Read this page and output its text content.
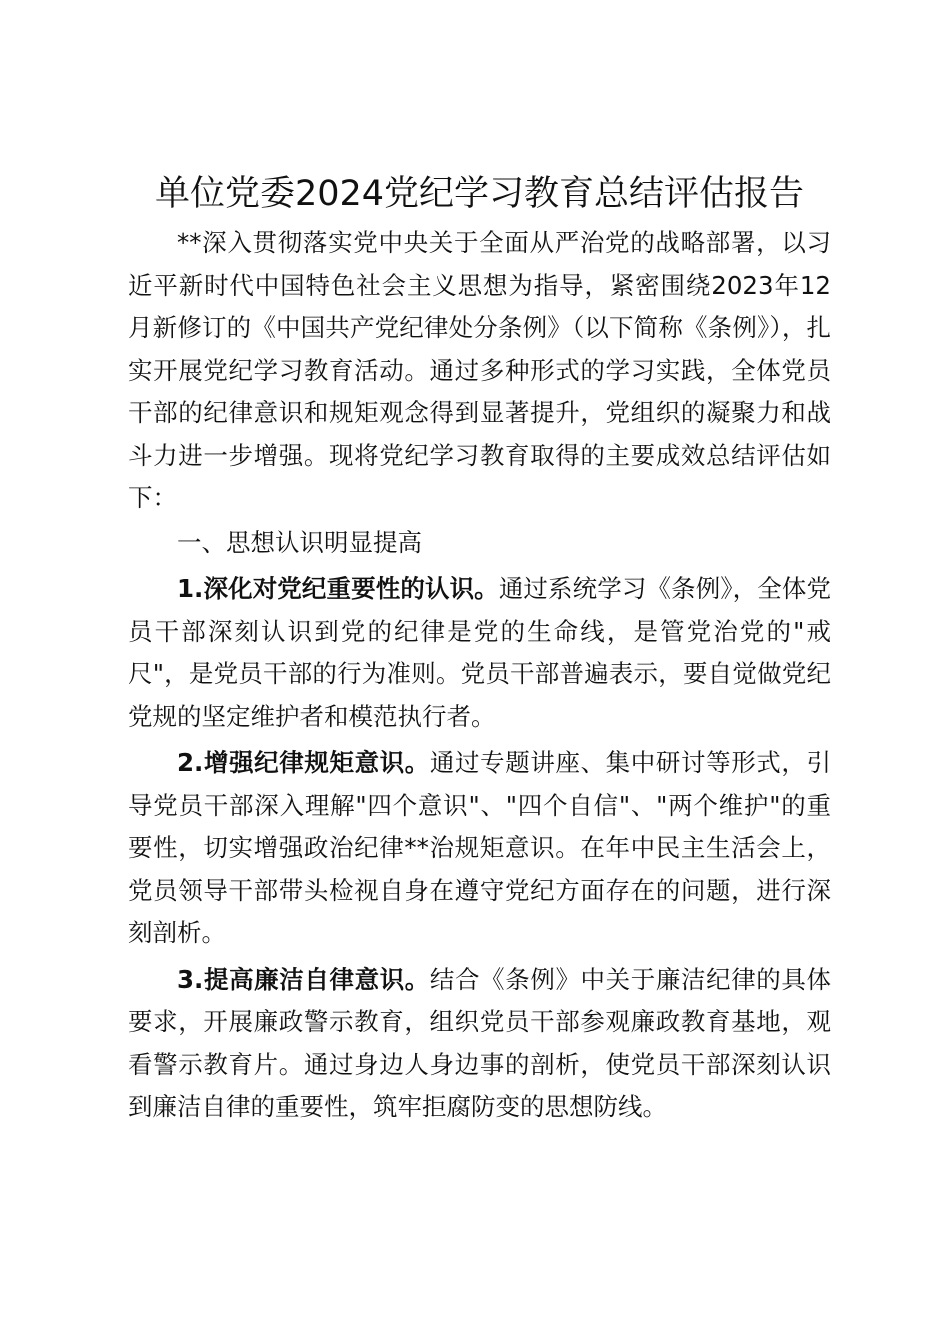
单位党委2024党纪学习教育总结评估报告

**深入贯彻落实党中央关于全面从严治党的战略部署，以习近平新时代中国特色社会主义思想为指导，紧密围绕2023年12月新修订的《中国共产党纪律处分条例》（以下简称《条例》），扎实开展党纪学习教育活动。通过多种形式的学习实践，全体党员干部的纪律意识和规矩观念得到显著提升，党组织的凝聚力和战斗力进一步增强。现将党纪学习教育取得的主要成效总结评估如下：

一、思想认识明显提高

1.深化对党纪重要性的认识。通过系统学习《条例》，全体党员干部深刻认识到党的纪律是党的生命线，是管党治党的"戒尺"，是党员干部的行为准则。党员干部普遍表示，要自觉做党纪党规的坚定维护者和模范执行者。

2.增强纪律规矩意识。通过专题讲座、集中研讨等形式，引导党员干部深入理解"四个意识"、"四个自信"、"两个维护"的重要性，切实增强政治纪律**治规矩意识。在年中民主生活会上，党员领导干部带头检视自身在遵守党纪方面存在的问题，进行深刻剖析。

3.提高廉洁自律意识。结合《条例》中关于廉洁纪律的具体要求，开展廉政警示教育，组织党员干部参观廉政教育基地，观看警示教育片。通过身边人身边事的剖析，使党员干部深刻认识到廉洁自律的重要性，筑牢拒腐防变的思想防线。
